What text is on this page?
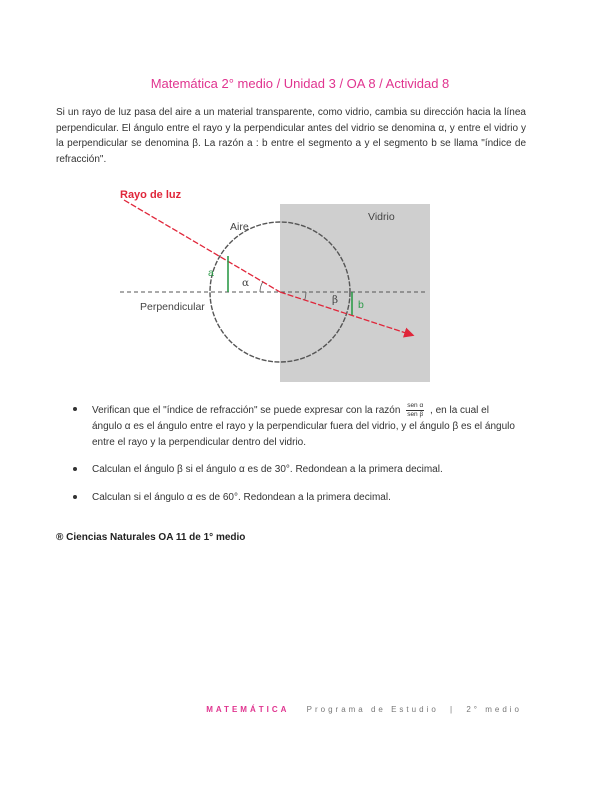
Matemática 2° medio / Unidad 3 / OA 8 / Actividad 8
Si un rayo de luz pasa del aire a un material transparente, como vidrio, cambia su dirección hacia la línea perpendicular. El ángulo entre el rayo y la perpendicular antes del vidrio se denomina α, y entre el vidrio y la perpendicular se denomina β. La razón a : b entre el segmento a y el segmento b se llama "índice de refracción".
Rayo de luz
Aire
Vidrio
Perpendicular
a
b
α
β
Verifican que el "índice de refracción" se puede expresar con la razón $\frac{\text{sen α}}{\text{sen β}}$ , en la cual el ángulo α es el ángulo entre el rayo y la perpendicular fuera del vidrio, y el ángulo β es el ángulo entre el rayo y la perpendicular dentro del vidrio.
Calculan el ángulo β si el ángulo α es de 30°. Redondean a la primera decimal.
Calculan si el ángulo α es de 60°. Redondean a la primera decimal.
® Ciencias Naturales OA 11 de 1° medio
MATEMÁTICA Programa de Estudio | 2° medio
